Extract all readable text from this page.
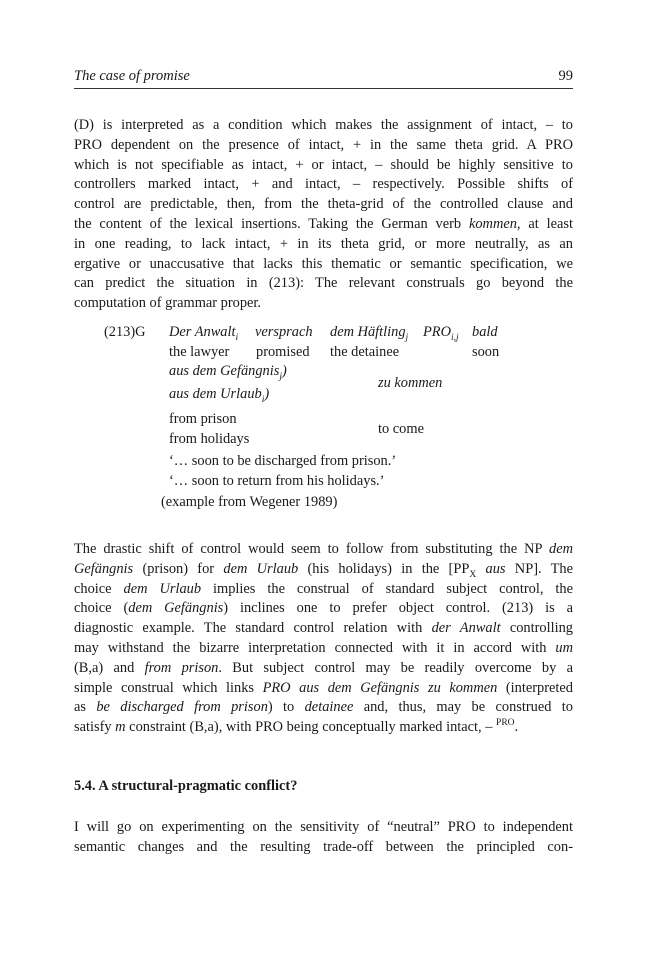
The case of promise	99
(D) is interpreted as a condition which makes the assignment of intact, – to
PRO dependent on the presence of intact, + in the same theta grid. A PRO
which is not specifiable as intact, + or intact, – should be highly sensitive to
controllers marked intact, + and intact, – respectively. Possible shifts of
control are predictable, then, from the theta-grid of the controlled clause and
the content of the lexical insertions. Taking the German verb kommen, at least
in one reading, to lack intact, + in its theta grid, or more neutrally, as an
ergative or unaccusative that lacks this thematic or semantic specification, we
can predict the situation in (213): The relevant construals go beyond the
computation of grammar proper.
(213)G Der Anwalt$_i$ versprach dem Häftling$_j$ $PRO_{i,j}$ bald
the lawyer promised the detainee	soon
aus dem Gefängnis$_j$)
aus dem Urlaub$_i$)
zu kommen
from prison
from holidays
to come
‘… soon to be discharged from prison.’
‘… soon to return from his holidays.’
(example from Wegener 1989)
The drastic shift of control would seem to follow from substituting the NP dem
Gefängnis (prison) for dem Urlaub (his holidays) in the [$PP_X$ aus NP]. The
choice dem Urlaub implies the construal of standard subject control, the
choice (dem Gefängnis) inclines one to prefer object control. (213) is a
diagnostic example. The standard control relation with der Anwalt controlling
may withstand the bizarre interpretation connected with it in accord with um
(B,a) and from prison. But subject control may be readily overcome by a
simple construal which links PRO aus dem Gefängnis zu kommen (interpreted
as be discharged from prison) to detainee and, thus, may be construed to
satisfy m constraint (B,a), with PRO being conceptually marked intact, – $^{PRO}$.
5.4. A structural-pragmatic conflict?
I will go on experimenting on the sensitivity of “neutral” PRO to independent
semantic changes and the resulting trade-off between the principled con-
